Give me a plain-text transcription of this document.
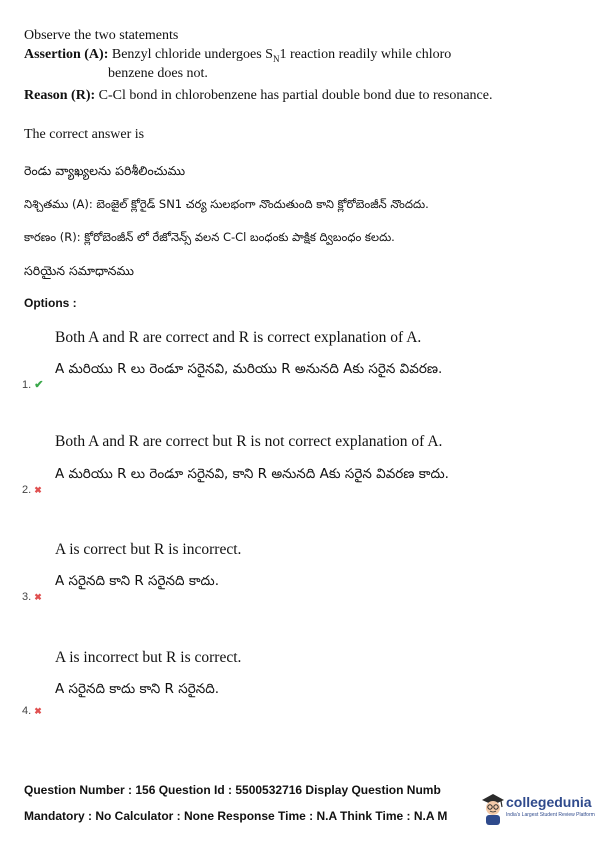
Observe the two statements
Assertion (A): Benzyl chloride undergoes $S_N1$ reaction readily while chloro
benzene does not.
Reason (R): C-Cl bond in chlorobenzene has partial double bond due to resonance.
The correct answer is
రెండు వ్యాఖ్యలను పరిశీలించుము
నిశ్చితము (A): బెంజైల్ క్లోరైడ్ SN1 చర్య సులభంగా నొందుతుంది కాని క్లోరోబెంజీన్ నొందదు.
కారణం (R): క్లోరోబెంజీన్ లో రేజోనెన్స్ వలన C-Cl బంధంకు పాక్షిక ద్విబంధం కలదు.
సరియైన సమాధానము
Options :
Both A and R are correct and R is correct explanation of A.
A మరియు R లు రెండూ సరైనవి, మరియు R అనునది Aకు సరైన వివరణ.
1. ✔
Both A and R are correct but R is not correct explanation of A.
A మరియు R లు రెండూ సరైనవి, కాని R అనునది Aకు సరైన వివరణ కాదు.
2. ✖
A is correct but R is incorrect.
A సరైనది కాని R సరైనది కాదు.
3. ✖
A is incorrect but R is correct.
A సరైనది కాదు కాని R సరైనది.
4. ✖
Question Number : 156 Question Id : 5500532716 Display Question Numb
Mandatory : No Calculator : None Response Time : N.A Think Time : N.A M
collegedunia
India's Largest Student Review Platform
